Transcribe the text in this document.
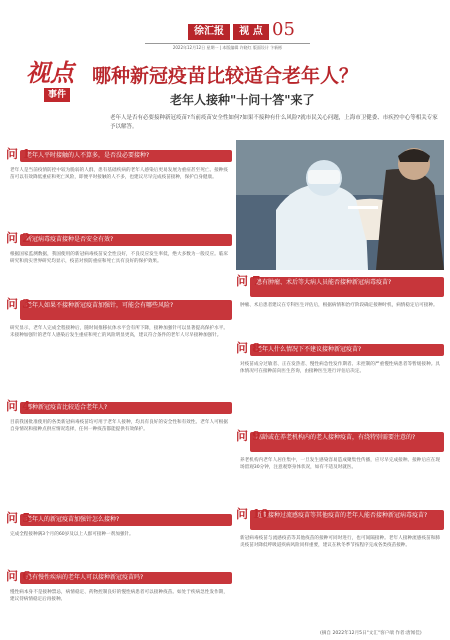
徐汇报	视 点 05
2022年12月12日 星期一 | 本版编辑 许晓红 版面设计 卞新彬
视点
事件
哪种新冠疫苗比较适合老年人？
老年人接种"十问十答"来了
老年人是否有必要接种新冠疫苗?当前疫苗安全性如何?如果不接种有什么风险?就市民关心问题，上海市卫健委、市疾控中心等相关专家予以解答。
问 1
老年人平时接触的人不算多，是否没必要接种?
老年人是当前疫情防控中较为脆弱的人群，患有基础疾病的老年人感染后更易发展为重症甚至死亡。接种疫苗可以有效降低重症和死亡风险，即便平时接触的人不多，也建议尽早完成疫苗接种，保护自身健康。
问 2
新冠病毒疫苗接种是否安全有效?
根据国家监测数据，我国使用的新冠病毒疫苗安全性良好，不良反应发生率低，绝大多数为一般反应。临床研究和真实世界研究均显示，疫苗对预防重症和死亡具有良好的保护效果。
问 3
老年人如果不接种新冠疫苗加强针，可能会有哪些风险?
研究显示，老年人完成全程接种后，随时间推移抗体水平会有所下降，接种加强针可以显著提高保护水平。未接种加强针的老年人感染后发生重症和死亡的风险明显更高，建议符合条件的老年人尽早接种加强针。
问 4
哪种新冠疫苗比较适合老年人?
目前我国批准使用的各类新冠病毒疫苗均可用于老年人接种，均具有良好的安全性和有效性。老年人可根据自身情况和接种点供应情况选择，任何一种疫苗都能提供有效保护。
问 5
老年人的新冠疫苗加强针怎么接种?
完成全程接种满3个月的60岁及以上人群可接种一剂加强针。
问 6
患有慢性疾病的老年人可以接种新冠疫苗吗?
慢性病本身不是接种禁忌，病情稳定、药物控制良好的慢性病患者可以接种疫苗。如处于疾病急性发作期，建议待病情稳定后再接种。
问 7
患有肿瘤、术后等大病人员能否接种新冠病毒疫苗?
肿瘤、术后患者建议在专科医生评估后，根据病情和治疗阶段确定接种时机，病情稳定后可接种。
问 8
老年人什么情况下不建议接种新冠疫苗?
对疫苗成分过敏者、正在发热者、慢性病急性发作期者、未控制的严重慢性病患者等暂缓接种。具体情况可在接种前向医生咨询，由接种医生进行评估后决定。
问 9
高龄或在养老机构内的老人接种疫苗，有绕特别需要注意的?
养老机构内老年人居住集中，一旦发生感染容易造成聚集性传播，应尽早完成接种。接种后应在现场留观30分钟，注意观察身体状况，如有不适及时就医。
问 10
近期接种过流感疫苗等其他疫苗的老年人能否接种新冠病毒疫苗?
新冠病毒疫苗与流感疫苗等其他疫苗的接种可同时进行，也可间隔接种。老年人接种流感疫苗和肺炎疫苗对降低呼吸道疾病风险同样重要，建议在秋冬季节按程序完成各类疫苗接种。
(摘自 2022年12月5日"文汇"客户端 作者:唐闻佳)
